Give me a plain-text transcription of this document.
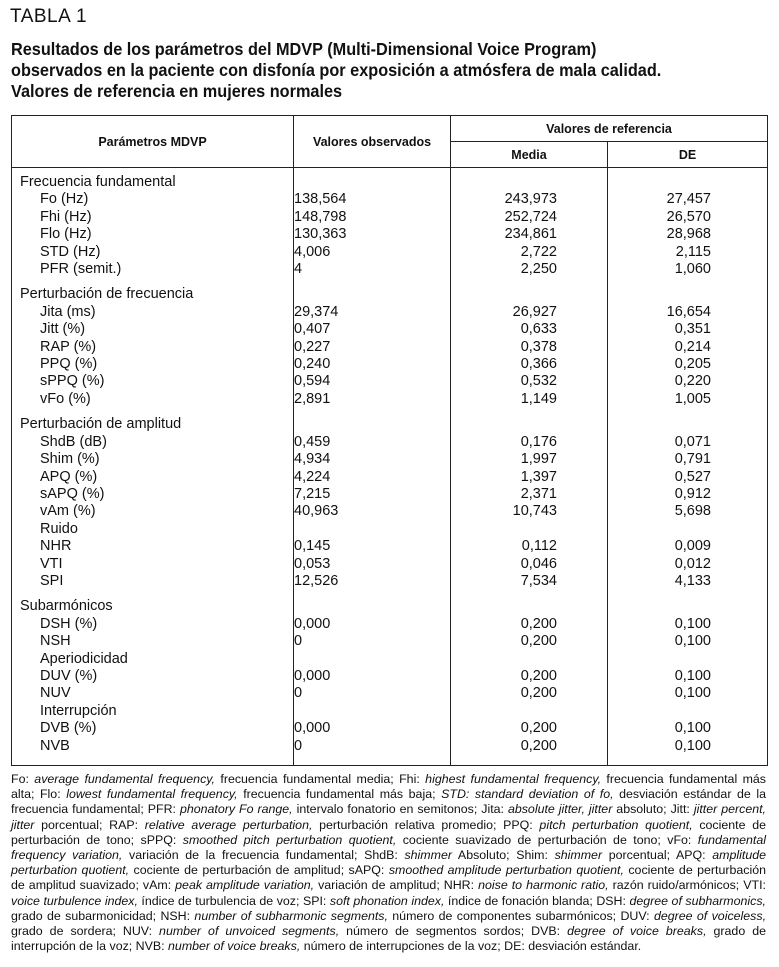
TABLA 1
Resultados de los parámetros del MDVP (Multi-Dimensional Voice Program)
observados en la paciente con disfonía por exposición a atmósfera de mala calidad.
Valores de referencia en mujeres normales
Parámetros MDVP	Valores observados	Valores de referencia	
		Media	DE
Frecuencia fundamental			
Fo (Hz)	138,564	243,973	27,457
Fhi (Hz)	148,798	252,724	26,570
Flo (Hz)	130,363	234,861	28,968
STD (Hz)	4,006	2,722	2,115
PFR (semit.)	4	2,250	1,060

Perturbación de frecuencia			
Jita (ms)	29,374	26,927	16,654
Jitt (%)	0,407	0,633	0,351
RAP (%)	0,227	0,378	0,214
PPQ (%)	0,240	0,366	0,205
sPPQ (%)	0,594	0,532	0,220
vFo (%)	2,891	1,149	1,005

Perturbación de amplitud			
ShdB (dB)	0,459	0,176	0,071
Shim (%)	4,934	1,997	0,791
APQ (%)	4,224	1,397	0,527
sAPQ (%)	7,215	2,371	0,912
vAm (%)	40,963	10,743	5,698
Ruido			
NHR	0,145	0,112	0,009
VTI	0,053	0,046	0,012
SPI	12,526	7,534	4,133

Subarmónicos			
DSH (%)	0,000	0,200	0,100
NSH	0	0,200	0,100
Aperiodicidad			
DUV (%)	0,000	0,200	0,100
NUV	0	0,200	0,100
Interrupción			
DVB (%)	0,000	0,200	0,100
NVB	0	0,200	0,100

Fo: average fundamental frequency, frecuencia fundamental media; Fhi: highest fundamental frequency, frecuencia fundamental más alta; Flo: lowest fundamental frequency, frecuencia fundamental más baja; STD: standard deviation of fo, desviación estándar de la frecuencia fundamental; PFR: phonatory Fo range, intervalo fonatorio en semitonos; Jita: absolute jitter, jitter absoluto; Jitt: jitter percent, jitter porcentual; RAP: relative average perturbation, perturbación relativa promedio; PPQ: pitch perturbation quotient, cociente de perturbación de tono; sPPQ: smoothed pitch perturbation quotient, cociente suavizado de perturbación de tono; vFo: fundamental frequency variation, variación de la frecuencia fundamental; ShdB: shimmer Absoluto; Shim: shimmer porcentual; APQ: amplitude perturbation quotient, cociente de perturbación de amplitud; sAPQ: smoothed amplitude perturbation quotient, cociente de perturbación de amplitud suavizado; vAm: peak amplitude variation, variación de amplitud; NHR: noise to harmonic ratio, razón ruido/armónicos; VTI: voice turbulence index, índice de turbulencia de voz; SPI: soft phonation index, índice de fonación blanda; DSH: degree of subharmonics, grado de subarmonicidad; NSH: number of subharmonic segments, número de componentes subarmónicos; DUV: degree of voiceless, grado de sordera; NUV: number of unvoiced segments, número de segmentos sordos; DVB: degree of voice breaks, grado de interrupción de la voz; NVB: number of voice breaks, número de interrupciones de la voz; DE: desviación estándar.
